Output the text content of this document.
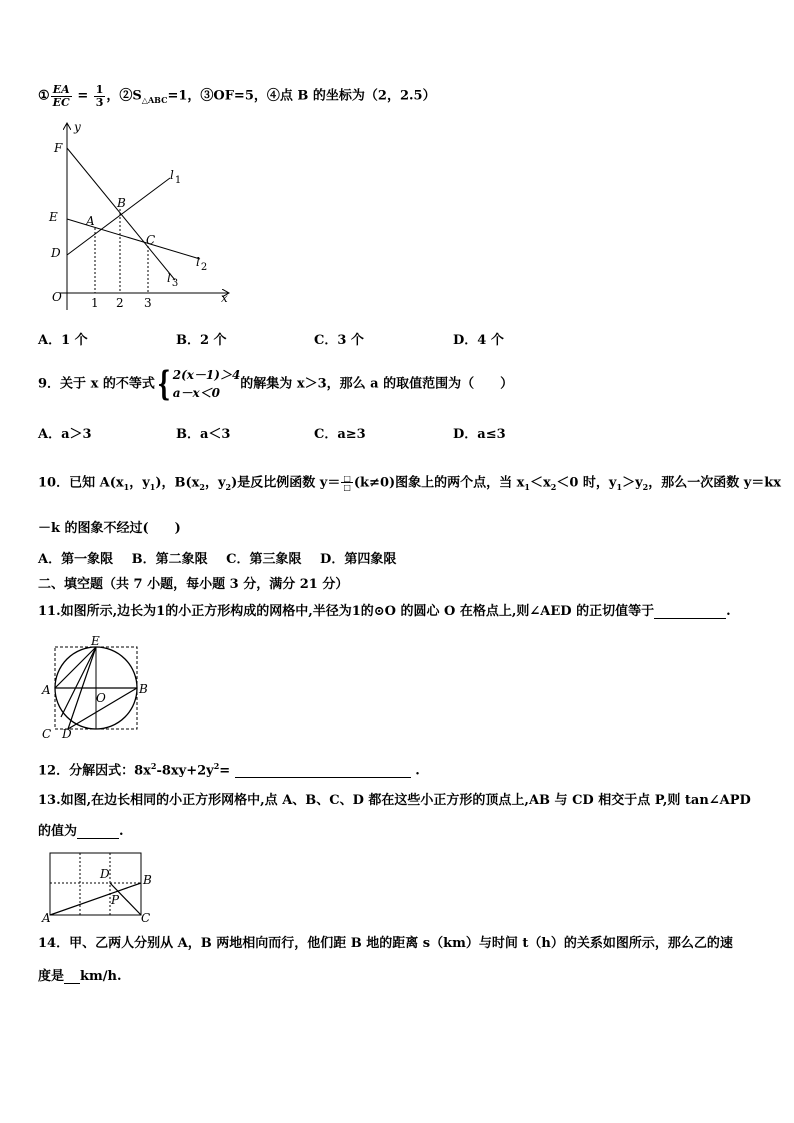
① $\frac{EA}{EC} = \frac{1}{3}$ ，$②S_{\triangle ABC}=1$，③OF=5，④点 B 的坐标为（2，2.5）
y
F
E
D
A
B
C
$l_1$
$l_2$
$l_3$
O	x
1 2 3
A．1 个	B．2 个	C．3 个	D．4 个
9．关于 x 的不等式{ 2(x－1)＞4
a－x＜0
的解集为 x＞3，那么 a 的取值范围为（　　）
A．a＞3	B．a＜3	C．a≥3	D．a≤3
10．已知 $A(x_1$，$y_1$)，$B(x_2$，$y_2$)是反比例函数 $y= \frac{□}{□} (k\ne 0)$图象上的两个点，当 $x_1<x_2<0$ 时，$y_1>y_2$，那么一次函数 y＝kx
－k 的图象不经过(　　)
A．第一象限 B．第二象限 C．第三象限 D．第四象限
二、填空题（共 7 小题，每小题 3 分，满分 21 分）
11.如图所示,边长为1的小正方形构成的网格中,半径为1的⊙O 的圆心 O 在格点上,则∠AED 的正切值等于	.
E
A	B
O
C D
12．分解因式：$8x^2-8xy+2y^2=$	.
13.如图,在边长相同的小正方形网格中,点 A、B、C、D 都在这些小正方形的顶点上,AB 与 CD 相交于点 P,则 tan∠APD
的值为	.
D	B
P
A	C
14．甲、乙两人分别从 A，B 两地相向而行，他们距 B 地的距离 s（km）与时间 t（h）的关系如图所示，那么乙的速
度是 km/h.
